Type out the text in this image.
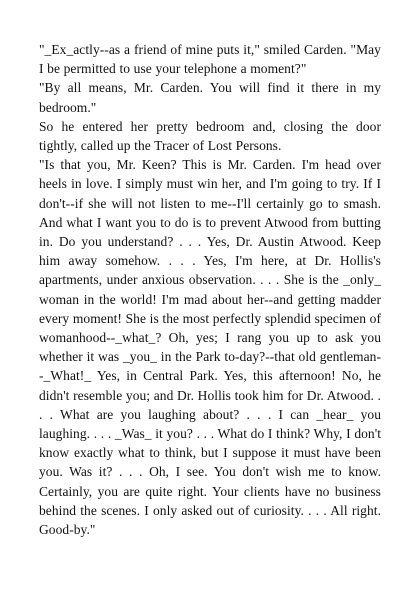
"_Ex_actly--as a friend of mine puts it," smiled Carden. "May I be permitted to use your telephone a moment?"

"By all means, Mr. Carden. You will find it there in my bedroom."

So he entered her pretty bedroom and, closing the door tightly, called up the Tracer of Lost Persons.

"Is that you, Mr. Keen? This is Mr. Carden. I'm head over heels in love. I simply must win her, and I'm going to try. If I don't--if she will not listen to me--I'll certainly go to smash. And what I want you to do is to prevent Atwood from butting in. Do you understand? . . . Yes, Dr. Austin Atwood. Keep him away somehow. . . . Yes, I'm here, at Dr. Hollis's apartments, under anxious observation. . . . She is the _only_ woman in the world! I'm mad about her--and getting madder every moment! She is the most perfectly splendid specimen of womanhood--_what_? Oh, yes; I rang you up to ask you whether it was _you_ in the Park to-day?--that old gentleman--_What!_ Yes, in Central Park. Yes, this afternoon! No, he didn't resemble you; and Dr. Hollis took him for Dr. Atwood. . . . What are you laughing about? . . . I can _hear_ you laughing. . . . _Was_ it you? . . . What do I think? Why, I don't know exactly what to think, but I suppose it must have been you. Was it? . . . Oh, I see. You don't wish me to know. Certainly, you are quite right. Your clients have no business behind the scenes. I only asked out of curiosity. . . . All right. Good-by."
